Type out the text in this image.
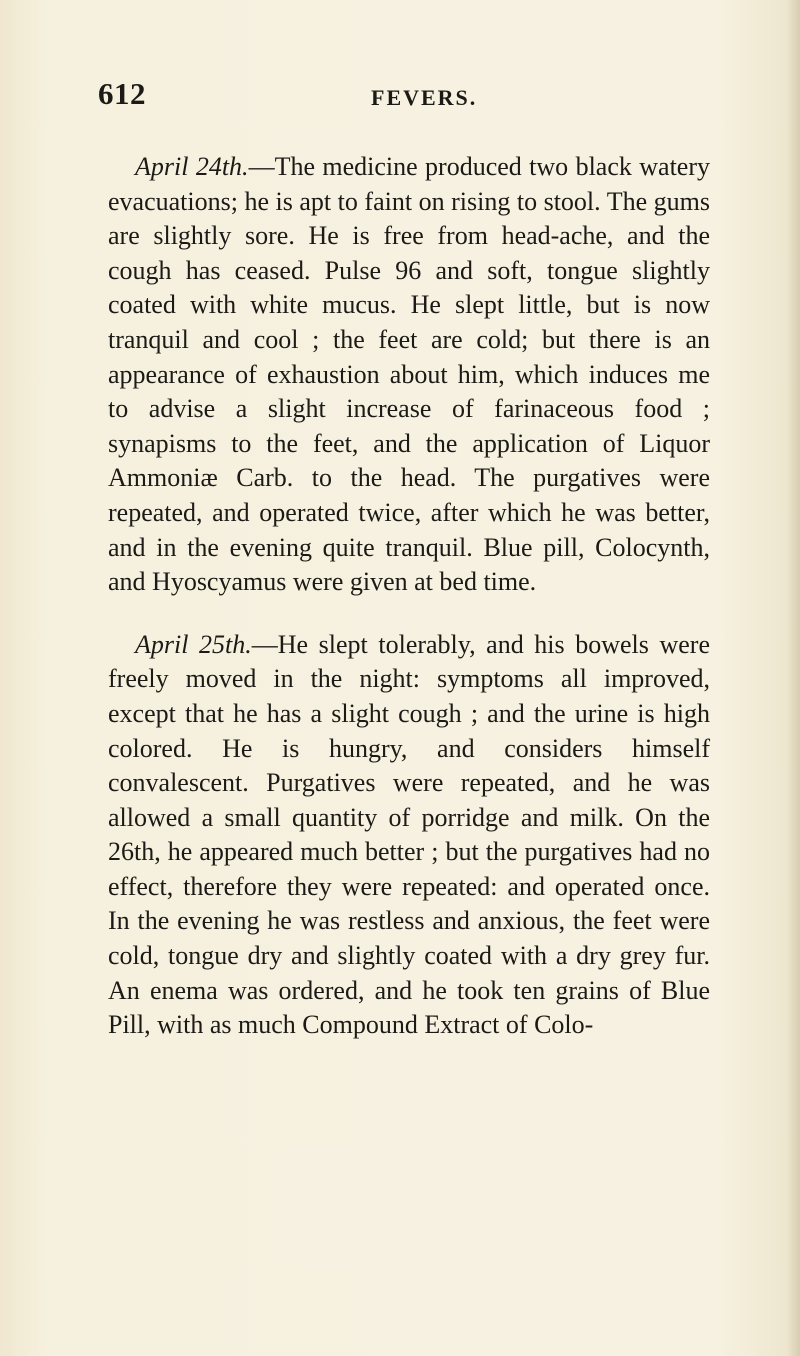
612	FEVERS.

April 24th.—The medicine produced two black watery evacuations; he is apt to faint on rising to stool. The gums are slightly sore. He is free from head-ache, and the cough has ceased. Pulse 96 and soft, tongue slightly coated with white mucus. He slept little, but is now tranquil and cool ; the feet are cold; but there is an appearance of exhaustion about him, which induces me to advise a slight increase of farinaceous food ; synapisms to the feet, and the application of Liquor Ammoniæ Carb. to the head. The purgatives were repeated, and operated twice, after which he was better, and in the evening quite tranquil. Blue pill, Colocynth, and Hyoscyamus were given at bed time.

April 25th.—He slept tolerably, and his bowels were freely moved in the night: symptoms all improved, except that he has a slight cough ; and the urine is high colored. He is hungry, and considers himself convalescent. Purgatives were repeated, and he was allowed a small quantity of porridge and milk. On the 26th, he appeared much better ; but the purgatives had no effect, therefore they were repeated: and operated once. In the evening he was restless and anxious, the feet were cold, tongue dry and slightly coated with a dry grey fur. An enema was ordered, and he took ten grains of Blue Pill, with as much Compound Extract of Colo-
